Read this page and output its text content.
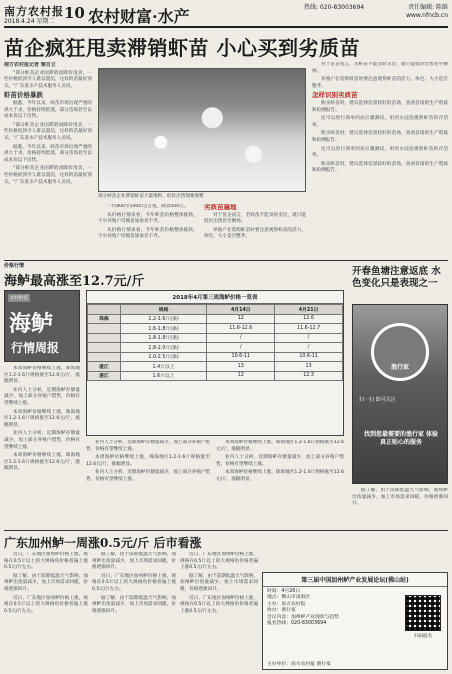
南方农村报
2018.4.24 星期二 10 农村财富·水产	热线: 020-83003694	责任编辑: 陈维
www.nfncb.cn
苗企疯狂甩卖滞销虾苗 小心买到劣质苗
南方农村报记者 黎自立

"部分虾苗企业因滞销而降价甩卖，一些价格低到令人难以置信，这样的苗最好别买。"广东某水产技术服务人员说。

虾苗价格暴跌

据悉，今年以来，虾苗市场出现严重的供大于求，价格持续低迷，部分苗场甚至以成本价以下出售。

"部分虾苗企业因滞销而降价甩卖，一些价格低到令人难以置信，这样的苗最好别买。"广东某水产技术服务人员说。

据悉，今年以来，虾苗市场出现严重的供大于求，价格持续低迷，部分苗场甚至以成本价以下出售。

"部分虾苗企业因滞销而降价甩卖，一些价格低到令人难以置信，这样的苗最好别买。"广东某水产技术服务人员说。

部分虾苗企业滞销虾苗大量堆积，低价出售现象频繁

一代800至1000元/万尾，降到500元。

从价格行情来看，今年虾苗价格整体疲软，不少养殖户反映苗质参差不齐。

从价格行情来看，今年虾苗价格整体疲软，不少养殖户反映苗质参差不齐。

劣质苗遍地

对于苗企而言，若虾苗不能及时卖出，就只能低价出售甚至倒掉。

养殖户在选购虾苗时要注意观察虾苗的活力、体色、大小是否整齐。

对于苗企而言，若虾苗不能及时卖出，就只能低价出售甚至倒掉。

养殖户在选购虾苗时要注意观察虾苗的活力、体色、大小是否整齐。

怎样识别劣质苗

购买虾苗时，建议选择信誉较好的苗场，查看苗场的生产资质和检测报告。

还可以进行简单的抗应激测试，用淡水浸泡观察虾苗的存活率。

购买虾苗时，建议选择信誉较好的苗场，查看苗场的生产资质和检测报告。

还可以进行简单的抗应激测试，用淡水浸泡观察虾苗的存活率。

购买虾苗时，建议选择信誉较好的苗场，查看苗场的生产资质和检测报告。

价格行情
海鲈最高涨至12.7元/斤
农村财富
海鲈
行情周报
2018年4月第三周海鲈价格一览表
	规格	4月14日	4月21日
珠海	1.2-1.6斤(条)	12	12.6
	1.6-1.8斤(条)	11.6-12.6	11.6-12.7
	1.8-1.8斤(条)	/	/
	1.8-2.0斤(条)	/	/
	2.0-2.5斤(条)	10.6-11	10.6-11
湛江	1.4斤以上	13	13
湛江	1.6斤以上	12	12.3

本周海鲈价格继续上涨，珠海地区1.2-1.6斤规格涨至12.6元/斤，涨幅明显。

业内人士分析，近期海鲈存塘量减少，加上部分养殖户惜售，价格有望继续上涨。

本周海鲈价格继续上涨，珠海地区1.2-1.6斤规格涨至12.6元/斤，涨幅明显。

业内人士分析，近期海鲈存塘量减少，加上部分养殖户惜售，价格有望继续上涨。

本周海鲈价格继续上涨，珠海地区1.2-1.6斤规格涨至12.6元/斤，涨幅明显。

业内人士分析，近期海鲈存塘量减少，加上部分养殖户惜售，价格有望继续上涨。

本周海鲈价格继续上涨，珠海地区1.2-1.6斤规格涨至12.6元/斤，涨幅明显。

业内人士分析，近期海鲈存塘量减少，加上部分养殖户惜售，价格有望继续上涨。

本周海鲈价格继续上涨，珠海地区1.2-1.6斤规格涨至12.6元/斤，涨幅明显。

业内人士分析，近期海鲈存塘量减少，加上部分养殖户惜售，价格有望继续上涨。

本周海鲈价格继续上涨，珠海地区1.2-1.6斤规格涨至12.6元/斤，涨幅明显。

开春鱼塘注意返底 水色变化只是表现之一
渔行家
扫一扫 即可关注
找到您最需要的渔行家 体验真正贴心的服务

据了解，由于前期低温天气影响，加州鲈出鱼量减少，加上市场需求回暖，价格逐渐回升。

广东加州鲈一周涨0.5元/斤 后市看涨

近日，广东地区加州鲈价格上涨，规格在0.5斤以上的大规格鱼价格普遍上涨0.5元/斤左右。

据了解，由于前期低温天气影响，加州鲈出鱼量减少，加上市场需求回暖，价格逐渐回升。

近日，广东地区加州鲈价格上涨，规格在0.5斤以上的大规格鱼价格普遍上涨0.5元/斤左右。

据了解，由于前期低温天气影响，加州鲈出鱼量减少，加上市场需求回暖，价格逐渐回升。

近日，广东地区加州鲈价格上涨，规格在0.5斤以上的大规格鱼价格普遍上涨0.5元/斤左右。

据了解，由于前期低温天气影响，加州鲈出鱼量减少，加上市场需求回暖，价格逐渐回升。

近日，广东地区加州鲈价格上涨，规格在0.5斤以上的大规格鱼价格普遍上涨0.5元/斤左右。

据了解，由于前期低温天气影响，加州鲈出鱼量减少，加上市场需求回暖，价格逐渐回升。

近日，广东地区加州鲈价格上涨，规格在0.5斤以上的大规格鱼价格普遍上涨0.5元/斤左右。

第三届中国加州鲈产业发展论坛(佛山站)
时间：4月26日
地点：佛山市南海区
主办：南方农村报
协办：渔行家
会议内容：加州鲈产业现状与趋势
报名热线：020-83003694
扫码报名
主办单位：南方农村报 渔行家
